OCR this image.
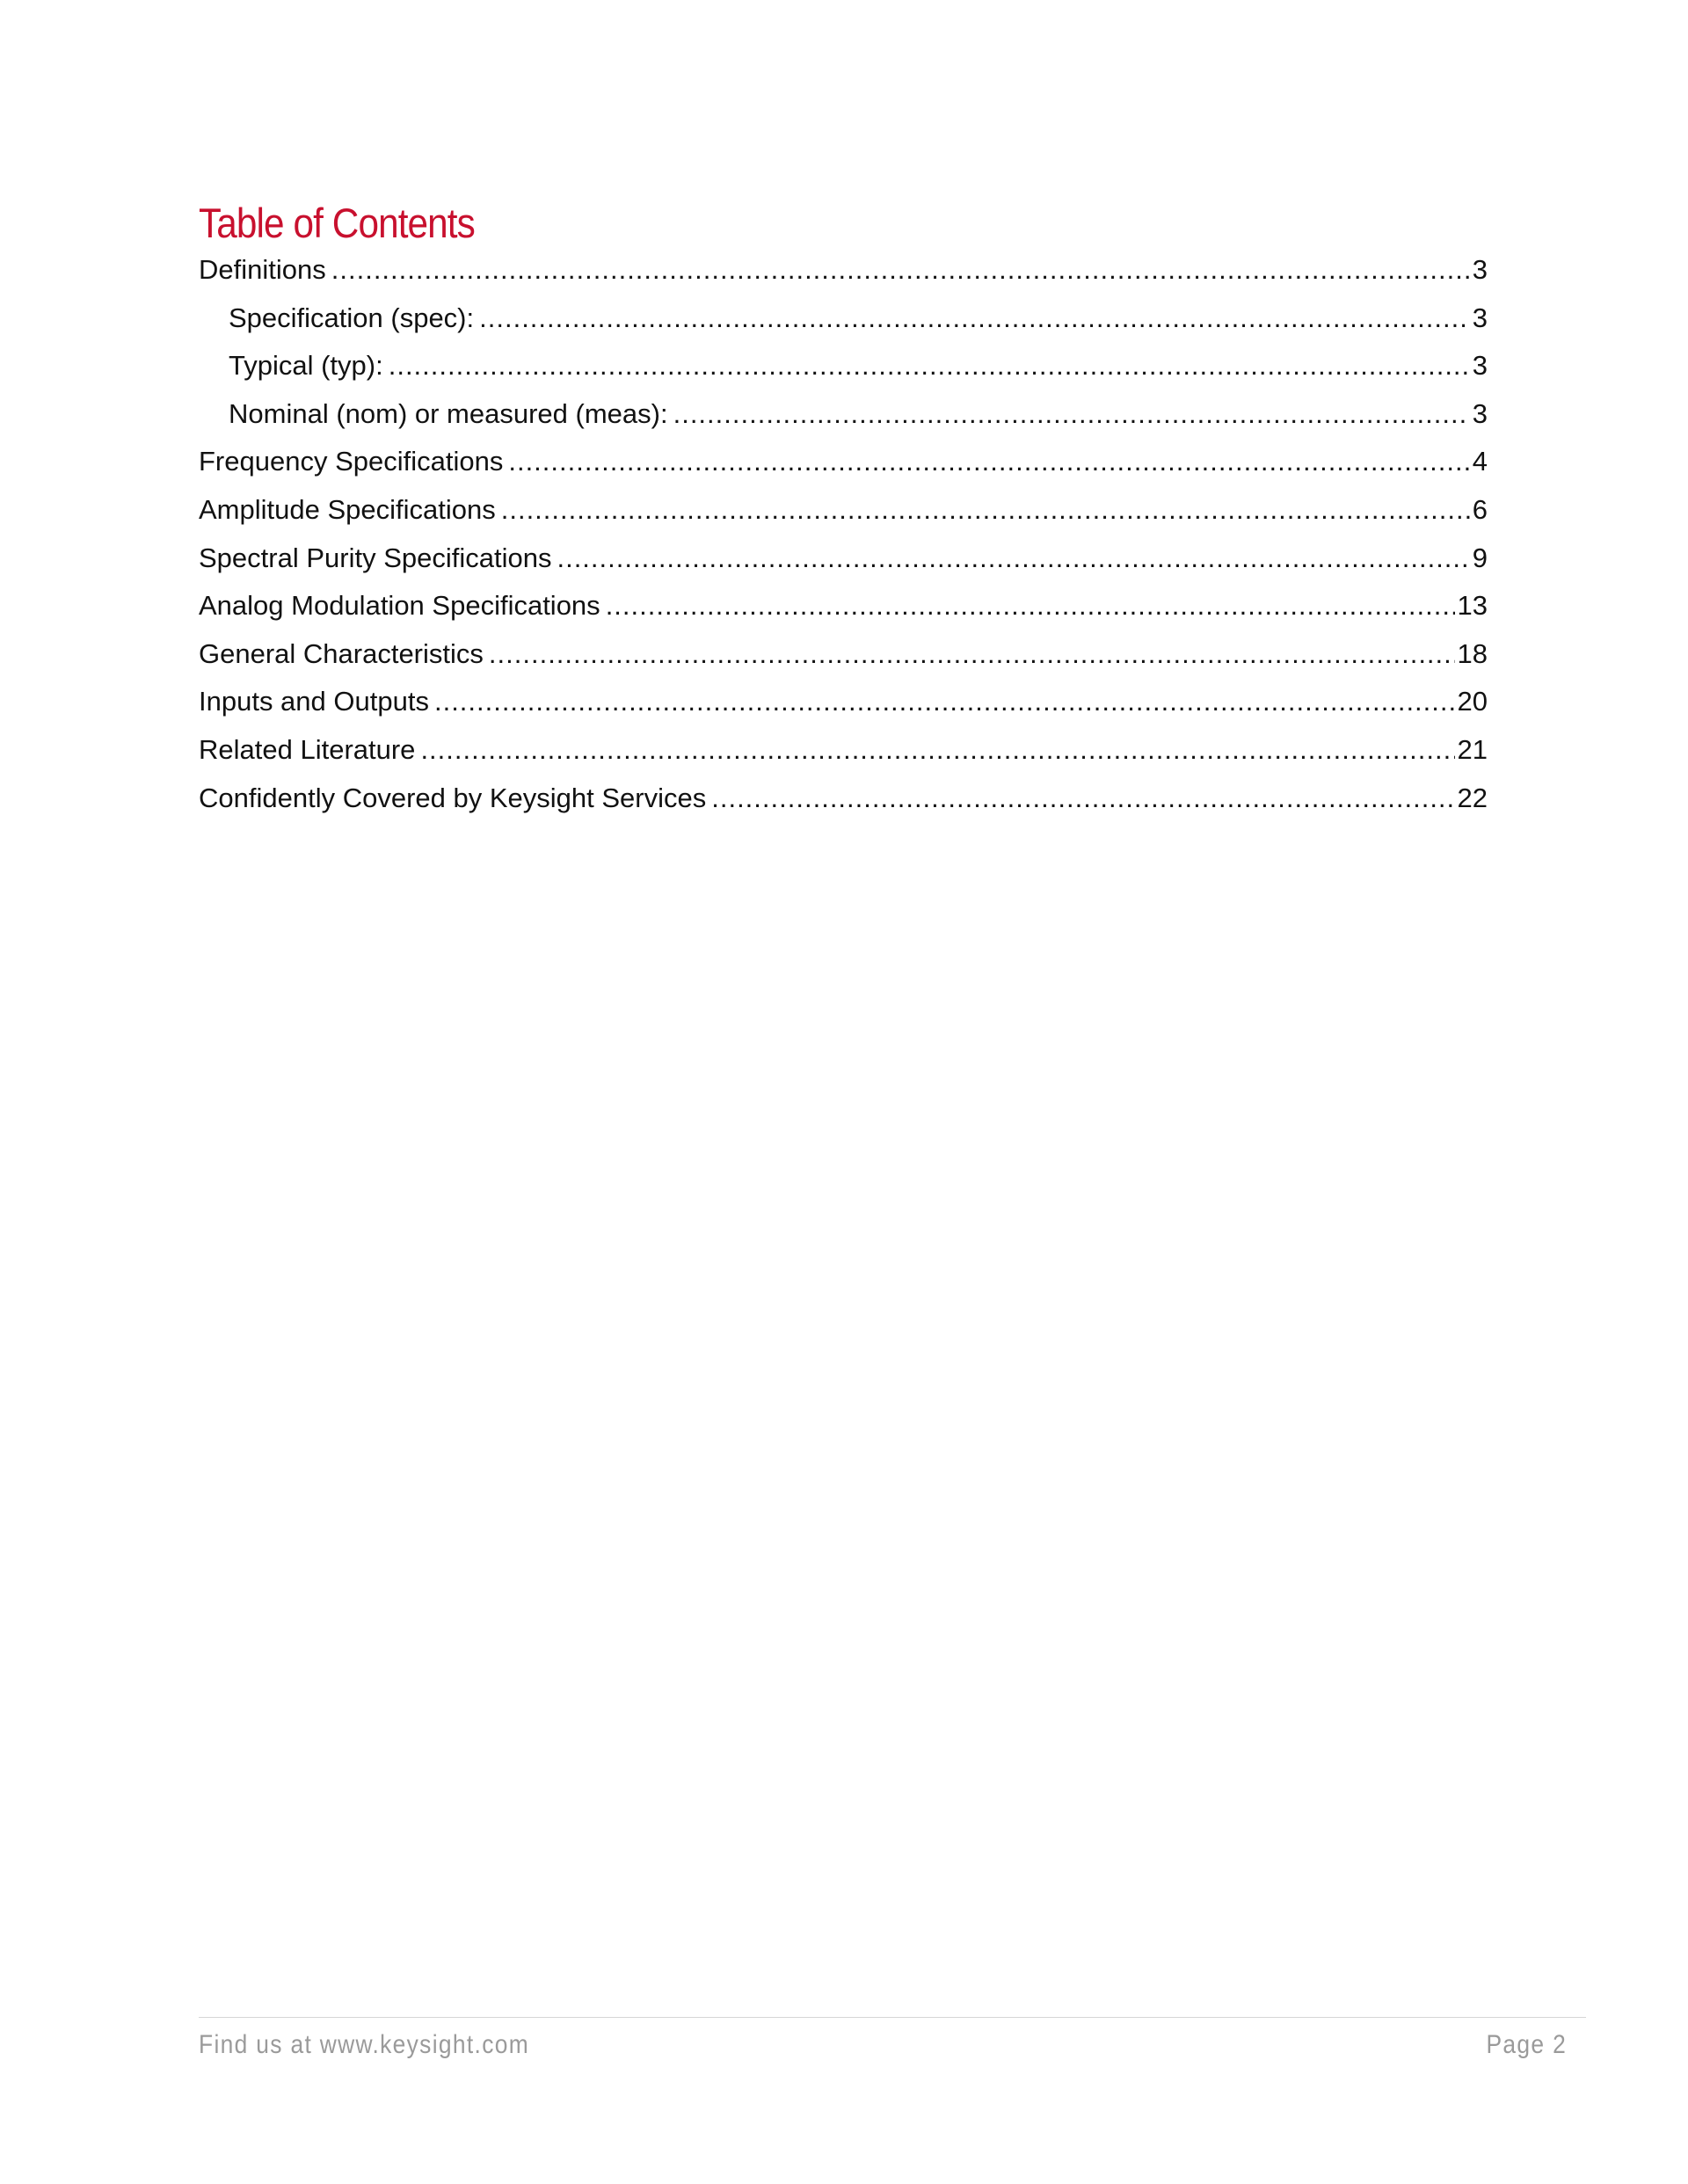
Table of Contents
Definitions .....	3
Specification (spec): .....	3
Typical (typ): .....	3
Nominal (nom) or measured (meas): .....	3
Frequency Specifications .....	4
Amplitude Specifications .....	6
Spectral Purity Specifications .....	9
Analog Modulation Specifications .....	13
General Characteristics .....	18
Inputs and Outputs .....	20
Related Literature .....	21
Confidently Covered by Keysight Services .....	22
Find us at www.keysight.com	Page 2
